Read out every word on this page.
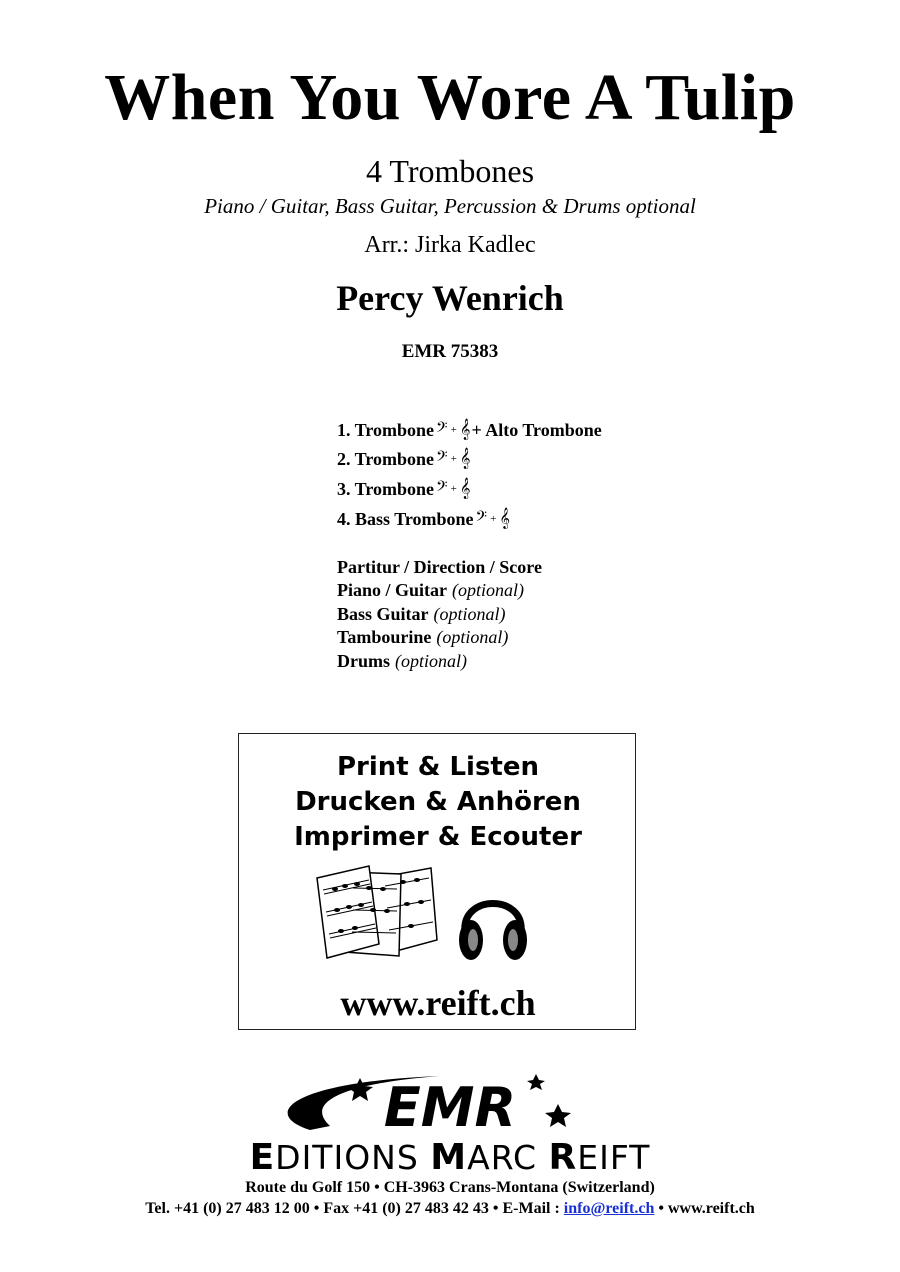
When You Wore A Tulip
4 Trombones
Piano / Guitar, Bass Guitar, Percussion & Drums optional
Arr.: Jirka Kadlec
Percy Wenrich
EMR 75383
1. Trombone 𝄢 + 𝄞 + Alto Trombone
2. Trombone 𝄢 + 𝄞
3. Trombone 𝄢 + 𝄞
4. Bass Trombone 𝄢 + 𝄞
Partitur / Direction / Score
Piano / Guitar (optional)
Bass Guitar (optional)
Tambourine (optional)
Drums (optional)
Print & Listen
Drucken & Anhören
Imprimer & Ecouter
www.reift.ch
EMR
EDITIONS MARC REIFT
Route du Golf 150 • CH-3963 Crans-Montana (Switzerland)
Tel. +41 (0) 27 483 12 00 • Fax +41 (0) 27 483 42 43 • E-Mail : info@reift.ch • www.reift.ch
